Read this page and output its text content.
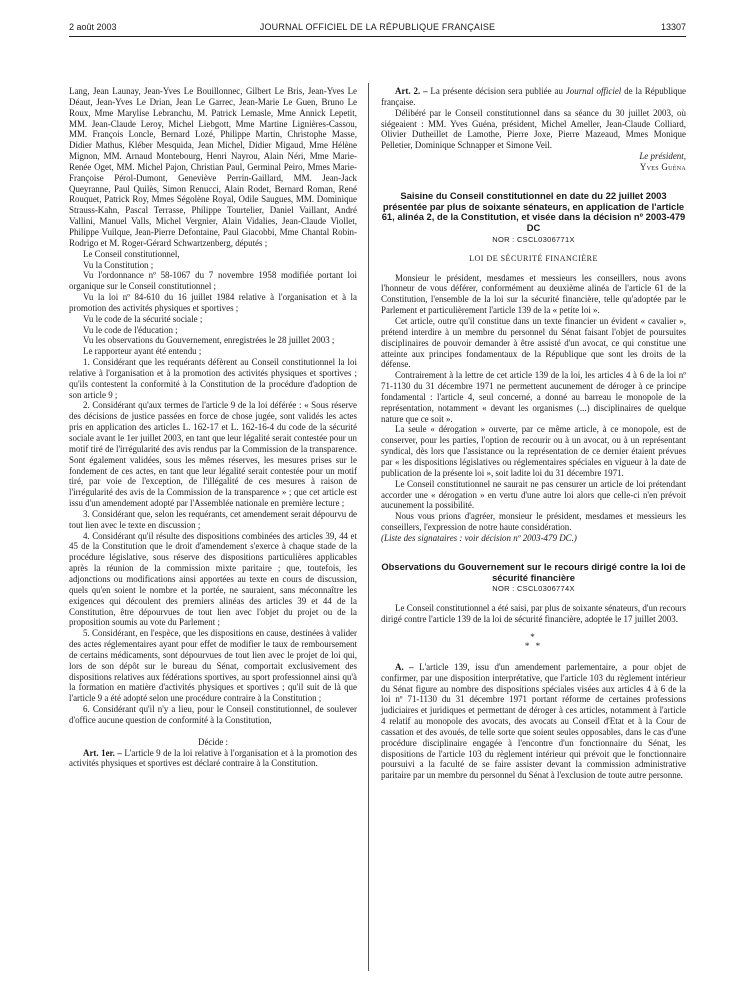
2 août 2003	JOURNAL OFFICIEL DE LA RÉPUBLIQUE FRANÇAISE	13307

Lang, Jean Launay, Jean-Yves Le Bouillonnec, Gilbert Le Bris, Jean-Yves Le Déaut, Jean-Yves Le Drian, Jean Le Garrec, Jean-Marie Le Guen, Bruno Le Roux, Mme Marylise Lebranchu, M. Patrick Lemasle, Mme Annick Lepetit, MM. Jean-Claude Leroy, Michel Liebgott, Mme Martine Lignières-Cassou, MM. François Loncle, Bernard Lozé, Philippe Martin, Christophe Masse, Didier Mathus, Kléber Mesquida, Jean Michel, Didier Migaud, Mme Hélène Mignon, MM. Arnaud Montebourg, Henri Nayrou, Alain Néri, Mme Marie-Renée Oget, MM. Michel Pajon, Christian Paul, Germinal Peiro, Mmes Marie-Françoise Pérol-Dumont, Geneviève Perrin-Gaillard, MM. Jean-Jack Queyranne, Paul Quilès, Simon Renucci, Alain Rodet, Bernard Roman, René Rouquet, Patrick Roy, Mmes Ségolène Royal, Odile Saugues, MM. Dominique Strauss-Kahn, Pascal Terrasse, Philippe Tourtelier, Daniel Vaillant, André Vallini, Manuel Valls, Michel Vergnier, Alain Vidalies, Jean-Claude Viollet, Philippe Vuilque, Jean-Pierre Defontaine, Paul Giacobbi, Mme Chantal Robin-Rodrigo et M. Roger-Gérard Schwartzenberg, députés ;

Le Conseil constitutionnel,

Vu la Constitution ;

Vu l'ordonnance nº 58-1067 du 7 novembre 1958 modifiée portant loi organique sur le Conseil constitutionnel ;

Vu la loi nº 84-610 du 16 juillet 1984 relative à l'organisation et à la promotion des activités physiques et sportives ;

Vu le code de la sécurité sociale ;

Vu le code de l'éducation ;

Vu les observations du Gouvernement, enregistrées le 28 juillet 2003 ;

Le rapporteur ayant été entendu ;

1. Considérant que les requérants défèrent au Conseil constitutionnel la loi relative à l'organisation et à la promotion des activités physiques et sportives ; qu'ils contestent la conformité à la Constitution de la procédure d'adoption de son article 9 ;

2. Considérant qu'aux termes de l'article 9 de la loi déférée : « Sous réserve des décisions de justice passées en force de chose jugée, sont validés les actes pris en application des articles L. 162-17 et L. 162-16-4 du code de la sécurité sociale avant le 1er juillet 2003, en tant que leur légalité serait contestée pour un motif tiré de l'irrégularité des avis rendus par la Commission de la transparence. Sont également validées, sous les mêmes réserves, les mesures prises sur le fondement de ces actes, en tant que leur légalité serait contestée pour un motif tiré, par voie de l'exception, de l'illégalité de ces mesures à raison de l'irrégularité des avis de la Commission de la transparence » ; que cet article est issu d'un amendement adopté par l'Assemblée nationale en première lecture ;

3. Considérant que, selon les requérants, cet amendement serait dépourvu de tout lien avec le texte en discussion ;

4. Considérant qu'il résulte des dispositions combinées des articles 39, 44 et 45 de la Constitution que le droit d'amendement s'exerce à chaque stade de la procédure législative, sous réserve des dispositions particulières applicables après la réunion de la commission mixte paritaire ; que, toutefois, les adjonctions ou modifications ainsi apportées au texte en cours de discussion, quels qu'en soient le nombre et la portée, ne sauraient, sans méconnaître les exigences qui découlent des premiers alinéas des articles 39 et 44 de la Constitution, être dépourvues de tout lien avec l'objet du projet ou de la proposition soumis au vote du Parlement ;

5. Considérant, en l'espèce, que les dispositions en cause, destinées à valider des actes réglementaires ayant pour effet de modifier le taux de remboursement de certains médicaments, sont dépourvues de tout lien avec le projet de loi qui, lors de son dépôt sur le bureau du Sénat, comportait exclusivement des dispositions relatives aux fédérations sportives, au sport professionnel ainsi qu'à la formation en matière d'activités physiques et sportives ; qu'il suit de là que l'article 9 a été adopté selon une procédure contraire à la Constitution ;

6. Considérant qu'il n'y a lieu, pour le Conseil constitutionnel, de soulever d'office aucune question de conformité à la Constitution,

Décide :

Art. 1er. – L'article 9 de la loi relative à l'organisation et à la promotion des activités physiques et sportives est déclaré contraire à la Constitution.

Art. 2. – La présente décision sera publiée au Journal officiel de la République française.

Délibéré par le Conseil constitutionnel dans sa séance du 30 juillet 2003, où siégeaient : MM. Yves Guéna, président, Michel Ameller, Jean-Claude Colliard, Olivier Dutheillet de Lamothe, Pierre Joxe, Pierre Mazeaud, Mmes Monique Pelletier, Dominique Schnapper et Simone Veil.

Le président,

Yves Guéna

Saisine du Conseil constitutionnel en date du 22 juillet 2003 présentée par plus de soixante sénateurs, en application de l'article 61, alinéa 2, de la Constitution, et visée dans la décision nº 2003-479 DC

NOR : CSCL0306771X

LOI DE SÉCURITÉ FINANCIÈRE

Monsieur le président, mesdames et messieurs les conseillers, nous avons l'honneur de vous déférer, conformément au deuxième alinéa de l'article 61 de la Constitution, l'ensemble de la loi sur la sécurité financière, telle qu'adoptée par le Parlement et particulièrement l'article 139 de la « petite loi ».

Cet article, outre qu'il constitue dans un texte financier un évident « cavalier », prétend interdire à un membre du personnel du Sénat faisant l'objet de poursuites disciplinaires de pouvoir demander à être assisté d'un avocat, ce qui constitue une atteinte aux principes fondamentaux de la République que sont les droits de la défense.

Contrairement à la lettre de cet article 139 de la loi, les articles 4 à 6 de la loi nº 71-1130 du 31 décembre 1971 ne permettent aucunement de déroger à ce principe fondamental : l'article 4, seul concerné, a donné au barreau le monopole de la représentation, notamment « devant les organismes (...) disciplinaires de quelque nature que ce soit ».

La seule « dérogation » ouverte, par ce même article, à ce monopole, est de conserver, pour les parties, l'option de recourir ou à un avocat, ou à un représentant syndical, dès lors que l'assistance ou la représentation de ce dernier étaient prévues par « les dispositions législatives ou réglementaires spéciales en vigueur à la date de publication de la présente loi », soit ladite loi du 31 décembre 1971.

Le Conseil constitutionnel ne saurait ne pas censurer un article de loi prétendant accorder une « dérogation » en vertu d'une autre loi alors que celle-ci n'en prévoit aucunement la possibilité.

Nous vous prions d'agréer, monsieur le président, mesdames et messieurs les conseillers, l'expression de notre haute considération.

(Liste des signataires : voir décision nº 2003-479 DC.)

Observations du Gouvernement sur le recours dirigé contre la loi de sécurité financière

NOR : CSCL0306774X

Le Conseil constitutionnel a été saisi, par plus de soixante sénateurs, d'un recours dirigé contre l'article 139 de la loi de sécurité financière, adoptée le 17 juillet 2003.

*
* *

A. – L'article 139, issu d'un amendement parlementaire, a pour objet de confirmer, par une disposition interprétative, que l'article 103 du règlement intérieur du Sénat figure au nombre des dispositions spéciales visées aux articles 4 à 6 de la loi nº 71-1130 du 31 décembre 1971 portant réforme de certaines professions judiciaires et juridiques et permettant de déroger à ces articles, notamment à l'article 4 relatif au monopole des avocats, des avocats au Conseil d'Etat et à la Cour de cassation et des avoués, de telle sorte que soient seules opposables, dans le cas d'une procédure disciplinaire engagée à l'encontre d'un fonctionnaire du Sénat, les dispositions de l'article 103 du règlement intérieur qui prévoit que le fonctionnaire poursuivi a la faculté de se faire assister devant la commission administrative paritaire par un membre du personnel du Sénat à l'exclusion de toute autre personne.
